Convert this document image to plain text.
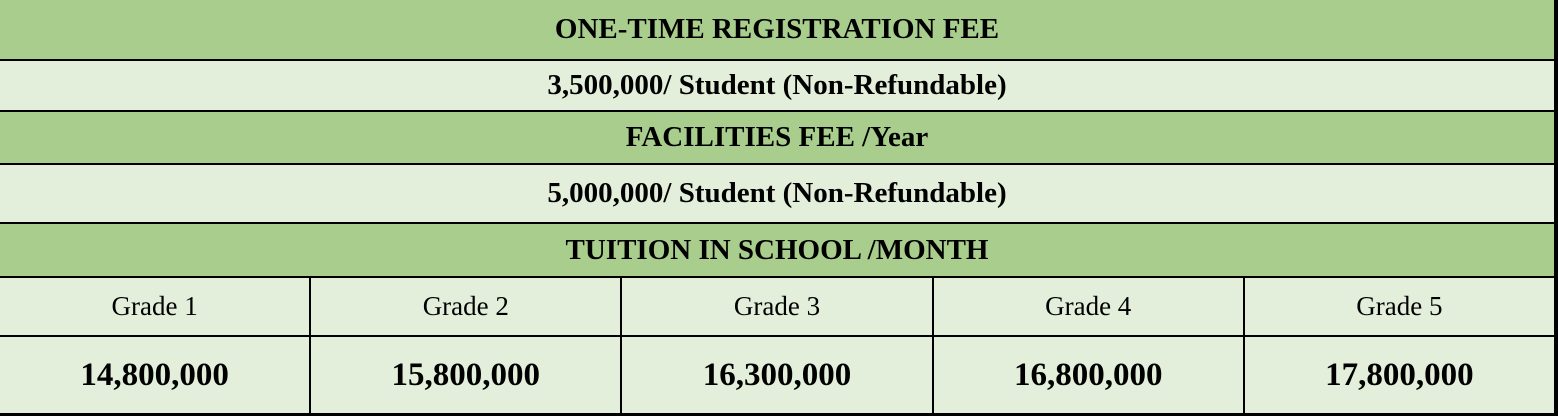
ONE-TIME REGISTRATION FEE
3,500,000/ Student (Non-Refundable)
FACILITIES FEE /Year
5,000,000/ Student (Non-Refundable)
TUITION IN SCHOOL /MONTH
Grade 1	Grade 2	Grade 3	Grade 4	Grade 5
14,800,000	15,800,000	16,300,000	16,800,000	17,800,000
